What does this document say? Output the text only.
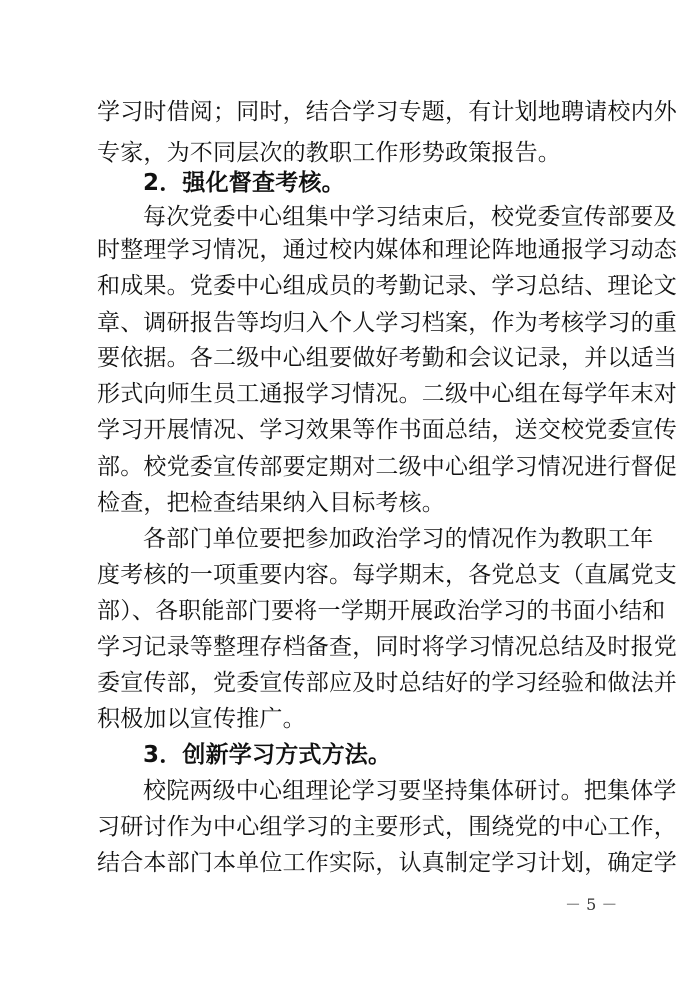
学习时借阅；同时，结合学习专题，有计划地聘请校内外
专家，为不同层次的教职工作形势政策报告。
2．强化督查考核。
每次党委中心组集中学习结束后，校党委宣传部要及
时整理学习情况，通过校内媒体和理论阵地通报学习动态
和成果。党委中心组成员的考勤记录、学习总结、理论文
章、调研报告等均归入个人学习档案，作为考核学习的重
要依据。各二级中心组要做好考勤和会议记录，并以适当
形式向师生员工通报学习情况。二级中心组在每学年末对
学习开展情况、学习效果等作书面总结，送交校党委宣传
部。校党委宣传部要定期对二级中心组学习情况进行督促
检查，把检查结果纳入目标考核。
各部门单位要把参加政治学习的情况作为教职工年
度考核的一项重要内容。每学期末，各党总支（直属党支
部）、各职能部门要将一学期开展政治学习的书面小结和
学习记录等整理存档备查，同时将学习情况总结及时报党
委宣传部，党委宣传部应及时总结好的学习经验和做法并
积极加以宣传推广。
3．创新学习方式方法。
校院两级中心组理论学习要坚持集体研讨。把集体学
习研讨作为中心组学习的主要形式，围绕党的中心工作，
结合本部门本单位工作实际，认真制定学习计划，确定学
－ 5 －
